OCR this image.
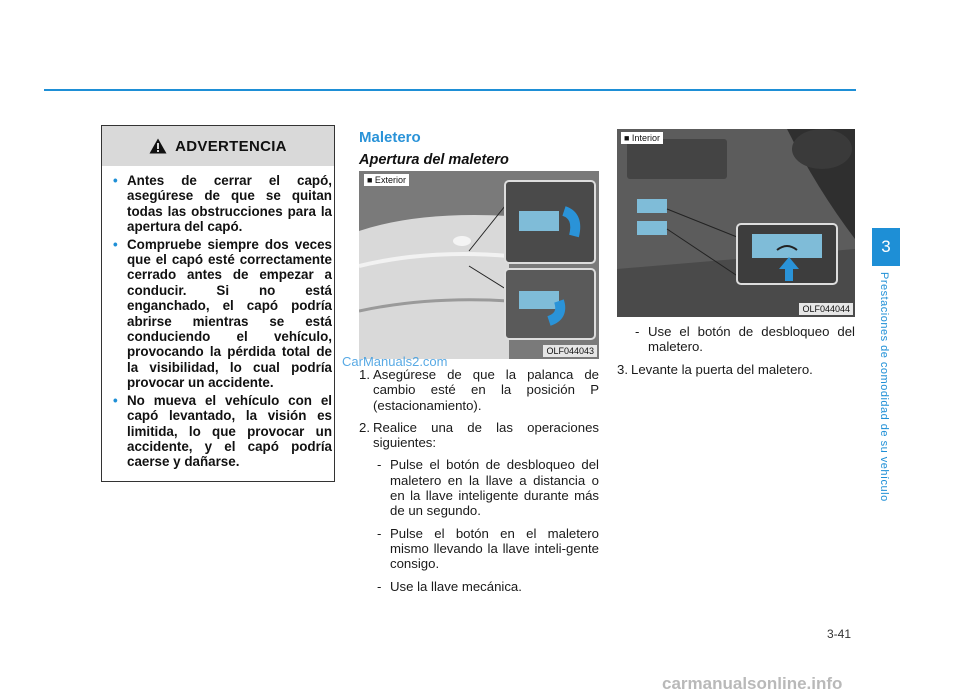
ADVERTENCIA
• Antes de cerrar el capó, asegúrese de que se quitan todas las obstrucciones para la apertura del capó.
• Compruebe siempre dos veces que el capó esté correctamente cerrado antes de empezar a conducir. Si no está enganchado, el capó podría abrirse mientras se está conduciendo el vehículo, provocando la pérdida total de la visibilidad, lo cual podría provocar un accidente.
• No mueva el vehículo con el capó levantado, la visión es limitida, lo que provocar un accidente, y el capó podría caerse y dañarse.
Maletero
Apertura del maletero
■ Exterior
OLF044043
CarManuals2.com
1. Asegúrese de que la palanca de cambio esté en la posición P (estacionamiento).
2. Realice una de las operaciones siguientes:
- Pulse el botón de desbloqueo del maletero en la llave a distancia o en la llave inteligente durante más de un segundo.
- Pulse el botón en el maletero mismo llevando la llave inteli-gente consigo.
- Use la llave mecánica.
■ Interior
OLF044044
- Use el botón de desbloqueo del maletero.
3. Levante la puerta del maletero.
3
Prestaciones de comodidad de su vehículo
3-41
carmanualsonline.info
